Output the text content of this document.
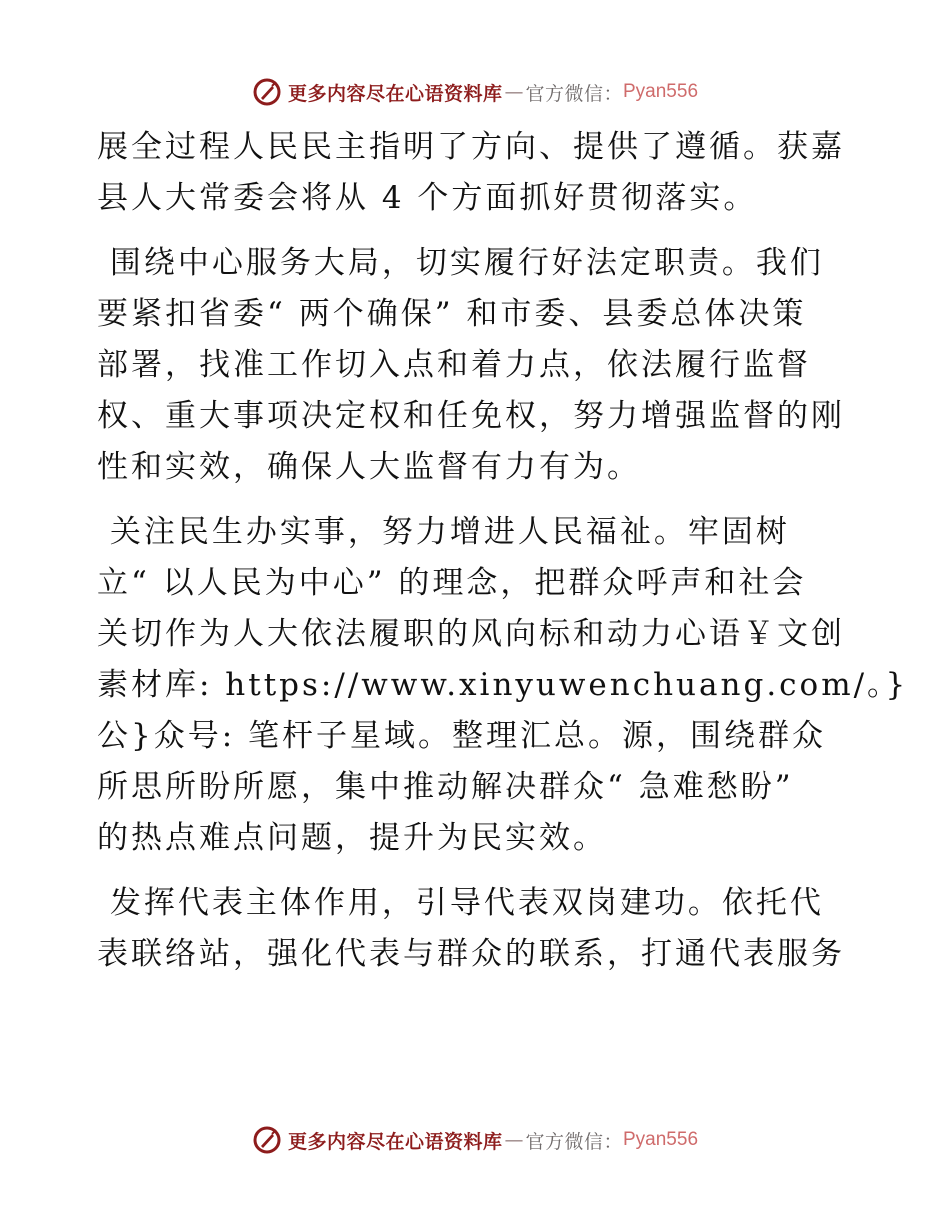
更多内容尽在心语资料库 — 官方微信： Pyan556

展全过程人民民主指明了方向、提供了遵循。获嘉
县人大常委会将从 4 个方面抓好贯彻落实。

围绕中心服务大局，切实履行好法定职责。我们
要紧扣省委“ 两个确保” 和市委、县委总体决策
部署，找准工作切入点和着力点，依法履行监督
权、重大事项决定权和任免权，努力增强监督的刚
性和实效，确保人大监督有力有为。

关注民生办实事，努力增进人民福祉。牢固树
立“ 以人民为中心” 的理念，把群众呼声和社会
关切作为人大依法履职的风向标和动力心语￥文创
素材库: https://www.xinyuwenchuang.com/。}
公}众号: 笔杆子星域。整理汇总。源，围绕群众
所思所盼所愿，集中推动解决群众“ 急难愁盼”
的热点难点问题，提升为民实效。

发挥代表主体作用，引导代表双岗建功。依托代
表联络站，强化代表与群众的联系，打通代表服务

更多内容尽在心语资料库 — 官方微信： Pyan556
